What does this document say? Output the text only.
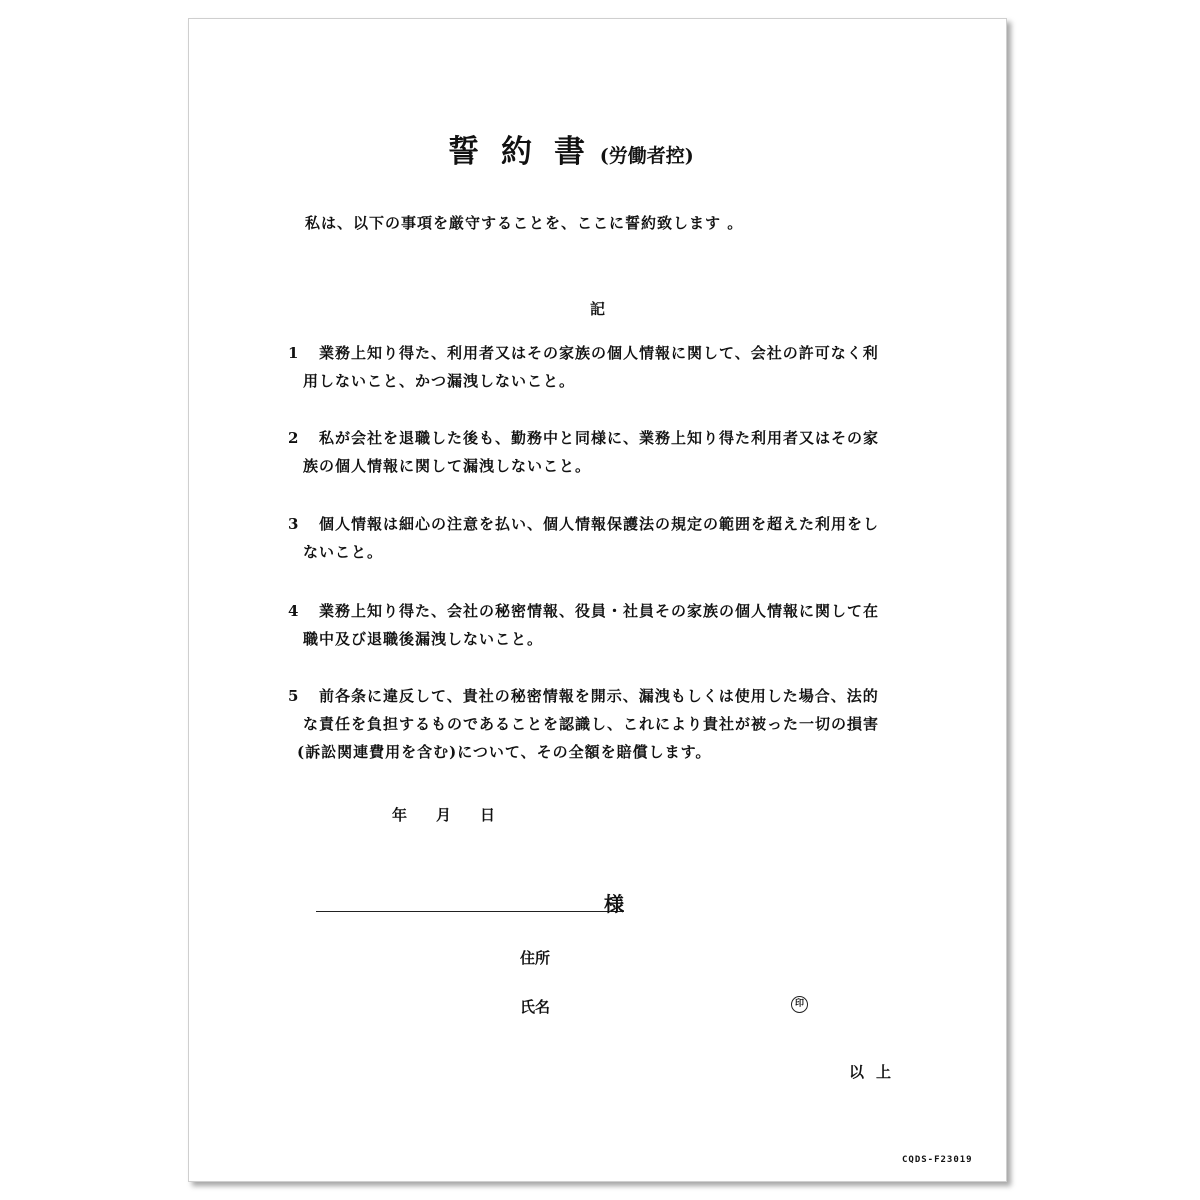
誓 約 書 (労働者控)
私は、以下の事項を厳守することを、ここに誓約致します 。
記
1	業務上知り得た、利用者又はその家族の個人情報に関して、会社の許可なく利
用しないこと、かつ漏洩しないこと。
2	私が会社を退職した後も、勤務中と同様に、業務上知り得た利用者又はその家
族の個人情報に関して漏洩しないこと。
3	個人情報は細心の注意を払い、個人情報保護法の規定の範囲を超えた利用をし
ないこと。
4	業務上知り得た、会社の秘密情報、役員・社員その家族の個人情報に関して在
職中及び退職後漏洩しないこと。
5	前各条に違反して、貴社の秘密情報を開示、漏洩もしくは使用した場合、法的
な責任を負担するものであることを認識し、これにより貴社が被った一切の損害
(訴訟関連費用を含む)について、その全額を賠償します。
年 月 日
様
住所
氏名	印
以上
CQDS-F23019
